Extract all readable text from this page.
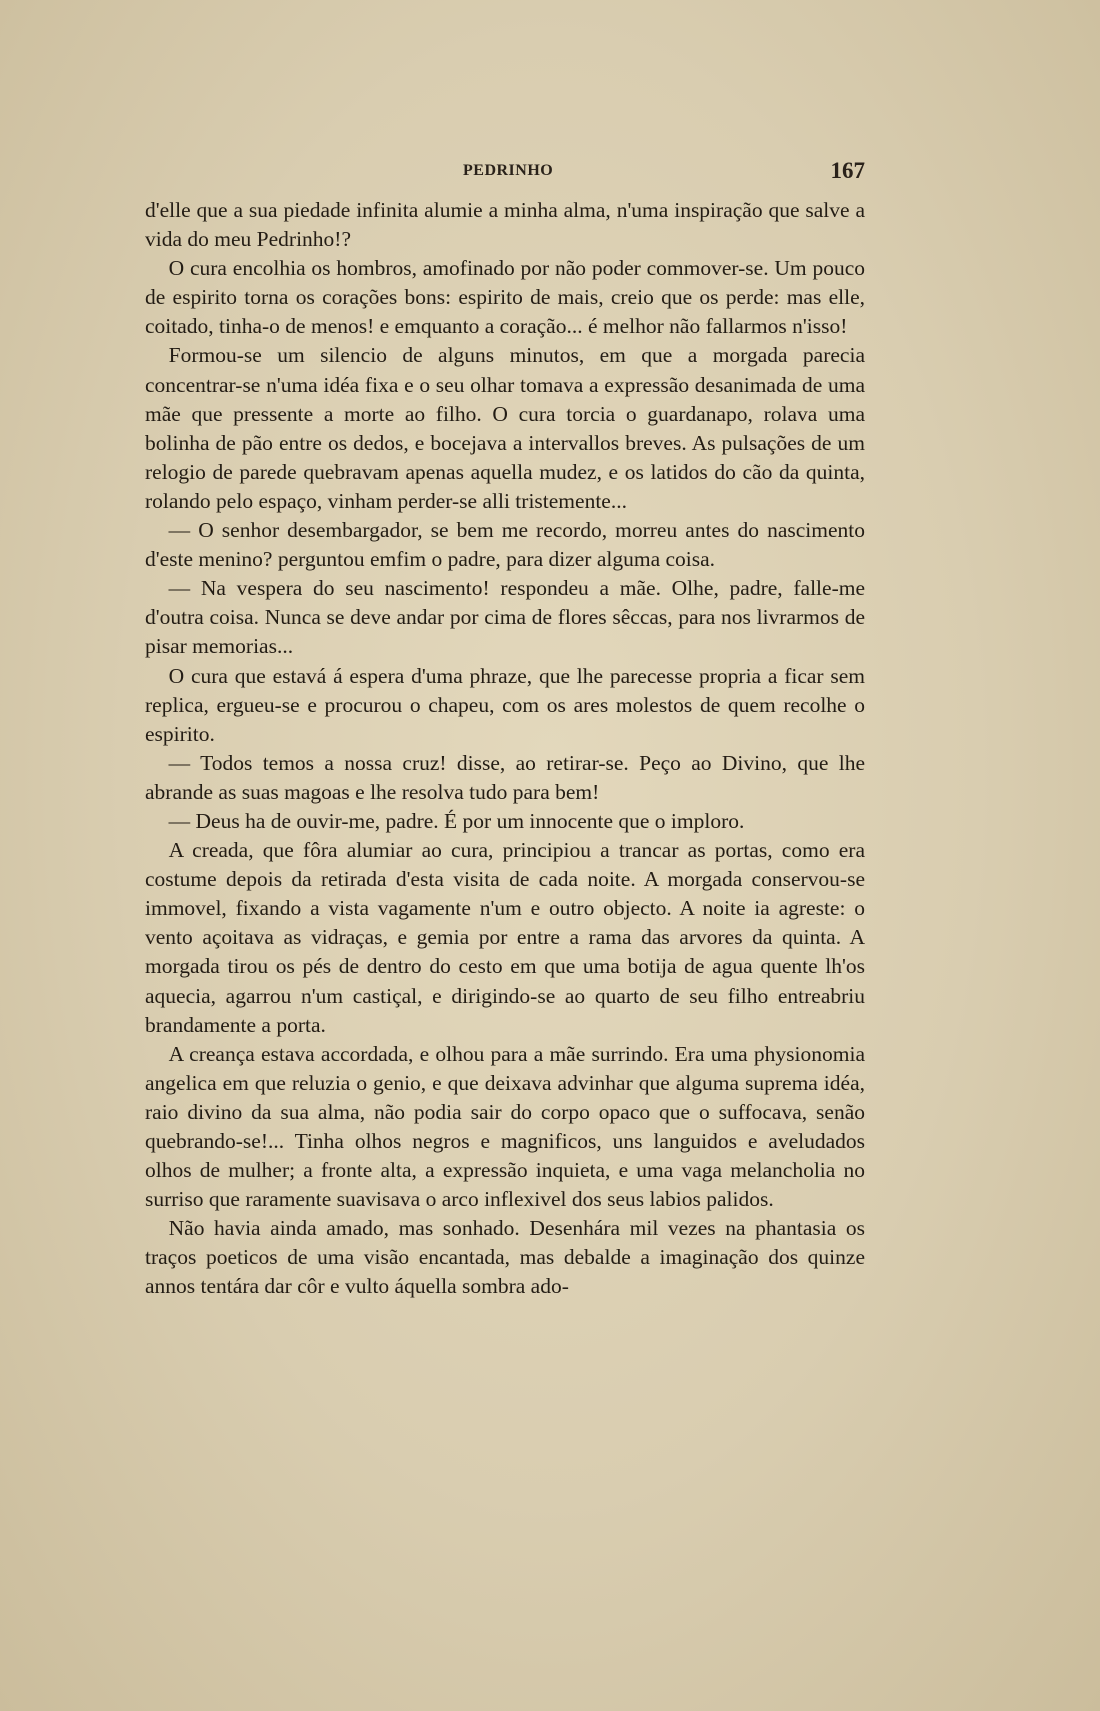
PEDRINHO	167

d'elle que a sua piedade infinita alumie a minha alma, n'uma inspiração que salve a vida do meu Pedrinho!?

O cura encolhia os hombros, amofinado por não poder commover-se. Um pouco de espirito torna os corações bons: espirito de mais, creio que os perde: mas elle, coitado, tinha-o de menos! e emquanto a coração... é melhor não fallarmos n'isso!

Formou-se um silencio de alguns minutos, em que a morgada parecia concentrar-se n'uma idéa fixa e o seu olhar tomava a expressão desanimada de uma mãe que pressente a morte ao filho. O cura torcia o guardanapo, rolava uma bolinha de pão entre os dedos, e bocejava a intervallos breves. As pulsações de um relogio de parede quebravam apenas aquella mudez, e os latidos do cão da quinta, rolando pelo espaço, vinham perder-se alli tristemente...

— O senhor desembargador, se bem me recordo, morreu antes do nascimento d'este menino? perguntou emfim o padre, para dizer alguma coisa.

— Na vespera do seu nascimento! respondeu a mãe. Olhe, padre, falle-me d'outra coisa. Nunca se deve andar por cima de flores sêccas, para nos livrarmos de pisar memorias...

O cura que estavá á espera d'uma phraze, que lhe parecesse propria a ficar sem replica, ergueu-se e procurou o chapeu, com os ares molestos de quem recolhe o espirito.

— Todos temos a nossa cruz! disse, ao retirar-se. Peço ao Divino, que lhe abrande as suas magoas e lhe resolva tudo para bem!

— Deus ha de ouvir-me, padre. É por um innocente que o imploro.

A creada, que fôra alumiar ao cura, principiou a trancar as portas, como era costume depois da retirada d'esta visita de cada noite. A morgada conservou-se immovel, fixando a vista vagamente n'um e outro objecto. A noite ia agreste: o vento açoitava as vidraças, e gemia por entre a rama das arvores da quinta. A morgada tirou os pés de dentro do cesto em que uma botija de agua quente lh'os aquecia, agarrou n'um castiçal, e dirigindo-se ao quarto de seu filho entreabriu brandamente a porta.

A creança estava accordada, e olhou para a mãe surrindo. Era uma physionomia angelica em que reluzia o genio, e que deixava advinhar que alguma suprema idéa, raio divino da sua alma, não podia sair do corpo opaco que o suffocava, senão quebrando-se!... Tinha olhos negros e magnificos, uns languidos e aveludados olhos de mulher; a fronte alta, a expressão inquieta, e uma vaga melancholia no surriso que raramente suavisava o arco inflexivel dos seus labios palidos.

Não havia ainda amado, mas sonhado. Desenhára mil vezes na phantasia os traços poeticos de uma visão encantada, mas debalde a imaginação dos quinze annos tentára dar côr e vulto áquella sombra ado-
